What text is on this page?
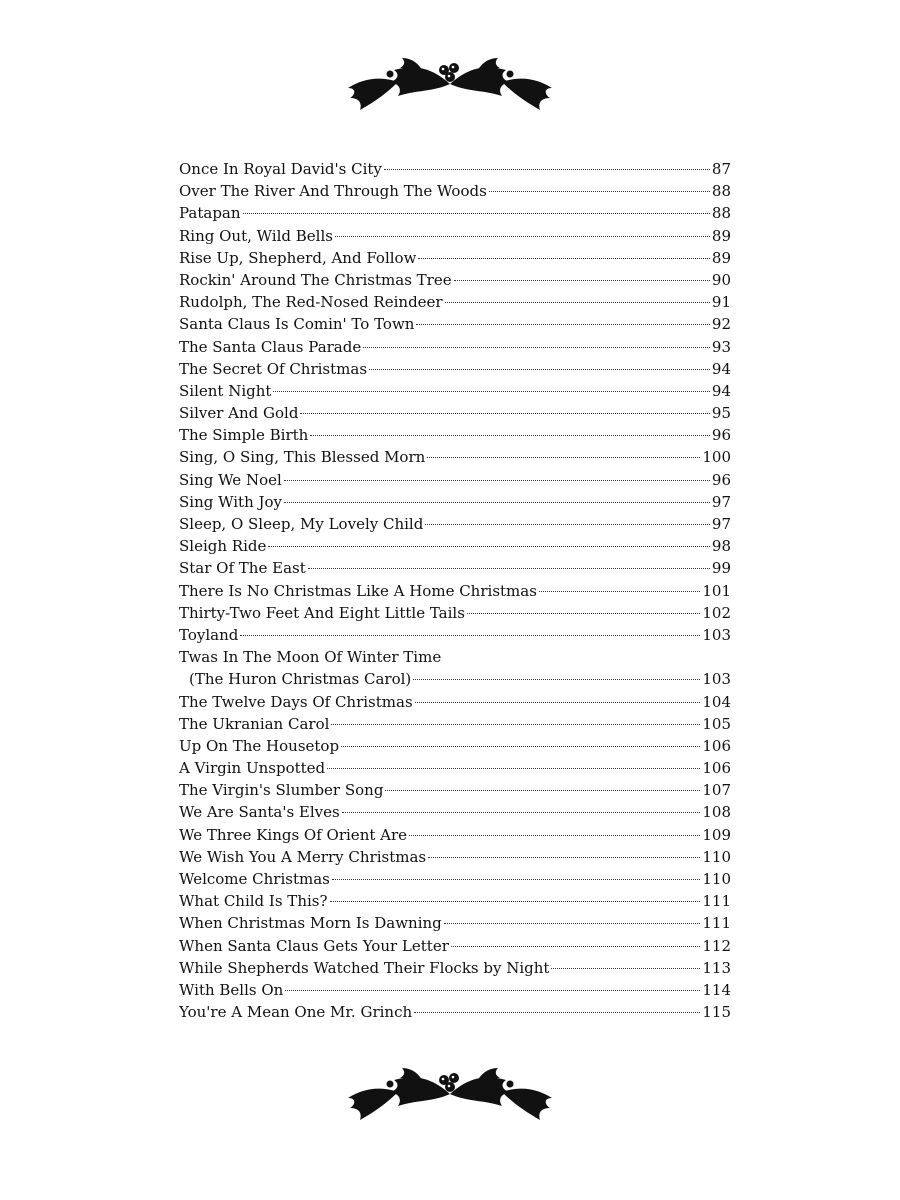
Once In Royal David's City	87
Over The River And Through The Woods	88
Patapan	88
Ring Out, Wild Bells	89
Rise Up, Shepherd, And Follow	89
Rockin' Around The Christmas Tree	90
Rudolph, The Red-Nosed Reindeer	91
Santa Claus Is Comin' To Town	92
The Santa Claus Parade	93
The Secret Of Christmas	94
Silent Night	94
Silver And Gold	95
The Simple Birth	96
Sing, O Sing, This Blessed Morn	100
Sing We Noel	96
Sing With Joy	97
Sleep, O Sleep, My Lovely Child	97
Sleigh Ride	98
Star Of The East	99
There Is No Christmas Like A Home Christmas	101
Thirty-Two Feet And Eight Little Tails	102
Toyland	103
Twas In The Moon Of Winter Time
(The Huron Christmas Carol)	103
The Twelve Days Of Christmas	104
The Ukranian Carol	105
Up On The Housetop	106
A Virgin Unspotted	106
The Virgin's Slumber Song	107
We Are Santa's Elves	108
We Three Kings Of Orient Are	109
We Wish You A Merry Christmas	110
Welcome Christmas	110
What Child Is This?	111
When Christmas Morn Is Dawning	111
When Santa Claus Gets Your Letter	112
While Shepherds Watched Their Flocks by Night	113
With Bells On	114
You're A Mean One Mr. Grinch	115
